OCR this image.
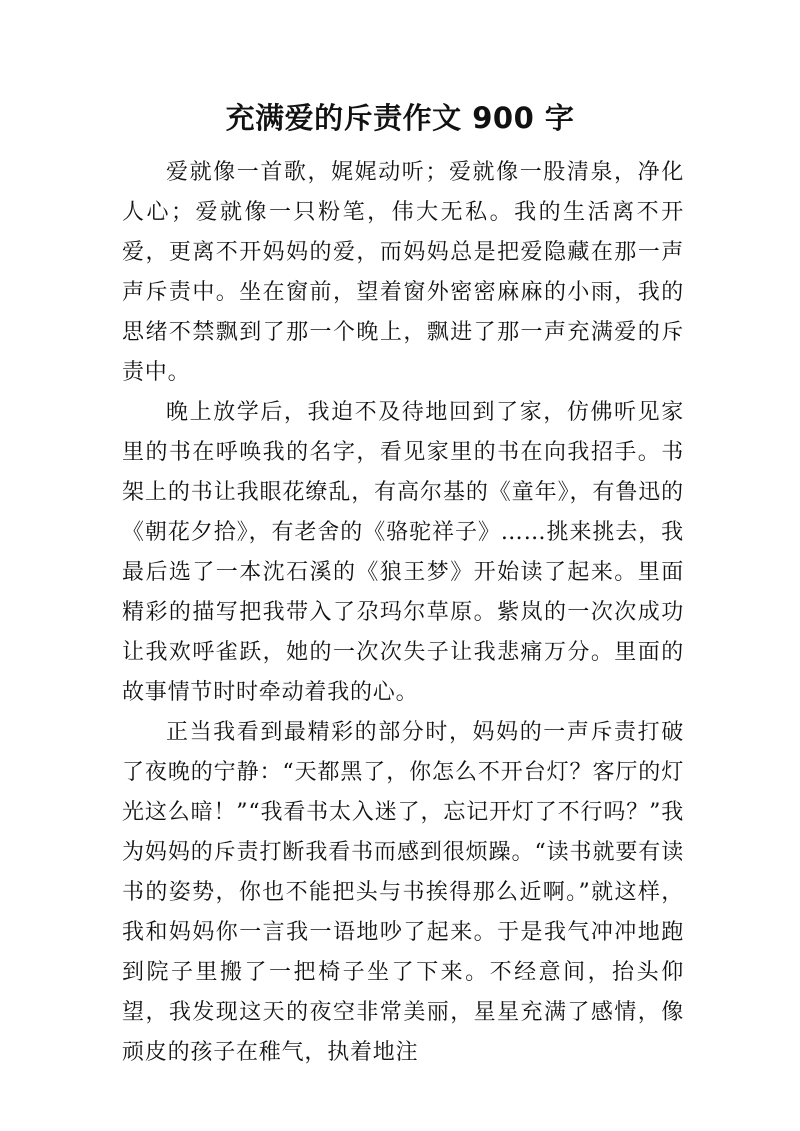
充满爱的斥责作文 900 字

爱就像一首歌，娓娓动听；爱就像一股清泉，净化人心；爱就像一只粉笔，伟大无私。我的生活离不开爱，更离不开妈妈的爱，而妈妈总是把爱隐藏在那一声声斥责中。坐在窗前，望着窗外密密麻麻的小雨，我的思绪不禁飘到了那一个晚上，飘进了那一声充满爱的斥责中。

晚上放学后，我迫不及待地回到了家，仿佛听见家里的书在呼唤我的名字，看见家里的书在向我招手。书架上的书让我眼花缭乱，有高尔基的《童年》，有鲁迅的《朝花夕拾》，有老舍的《骆驼祥子》……挑来挑去，我最后选了一本沈石溪的《狼王梦》开始读了起来。里面精彩的描写把我带入了尕玛尔草原。紫岚的一次次成功让我欢呼雀跃，她的一次次失子让我悲痛万分。里面的故事情节时时牵动着我的心。

正当我看到最精彩的部分时，妈妈的一声斥责打破了夜晚的宁静：“天都黑了，你怎么不开台灯？客厅的灯光这么暗！”“我看书太入迷了，忘记开灯了不行吗？”我为妈妈的斥责打断我看书而感到很烦躁。“读书就要有读书的姿势，你也不能把头与书挨得那么近啊。”就这样，我和妈妈你一言我一语地吵了起来。于是我气冲冲地跑到院子里搬了一把椅子坐了下来。不经意间，抬头仰望，我发现这天的夜空非常美丽，星星充满了感情，像顽皮的孩子在稚气，执着地注
